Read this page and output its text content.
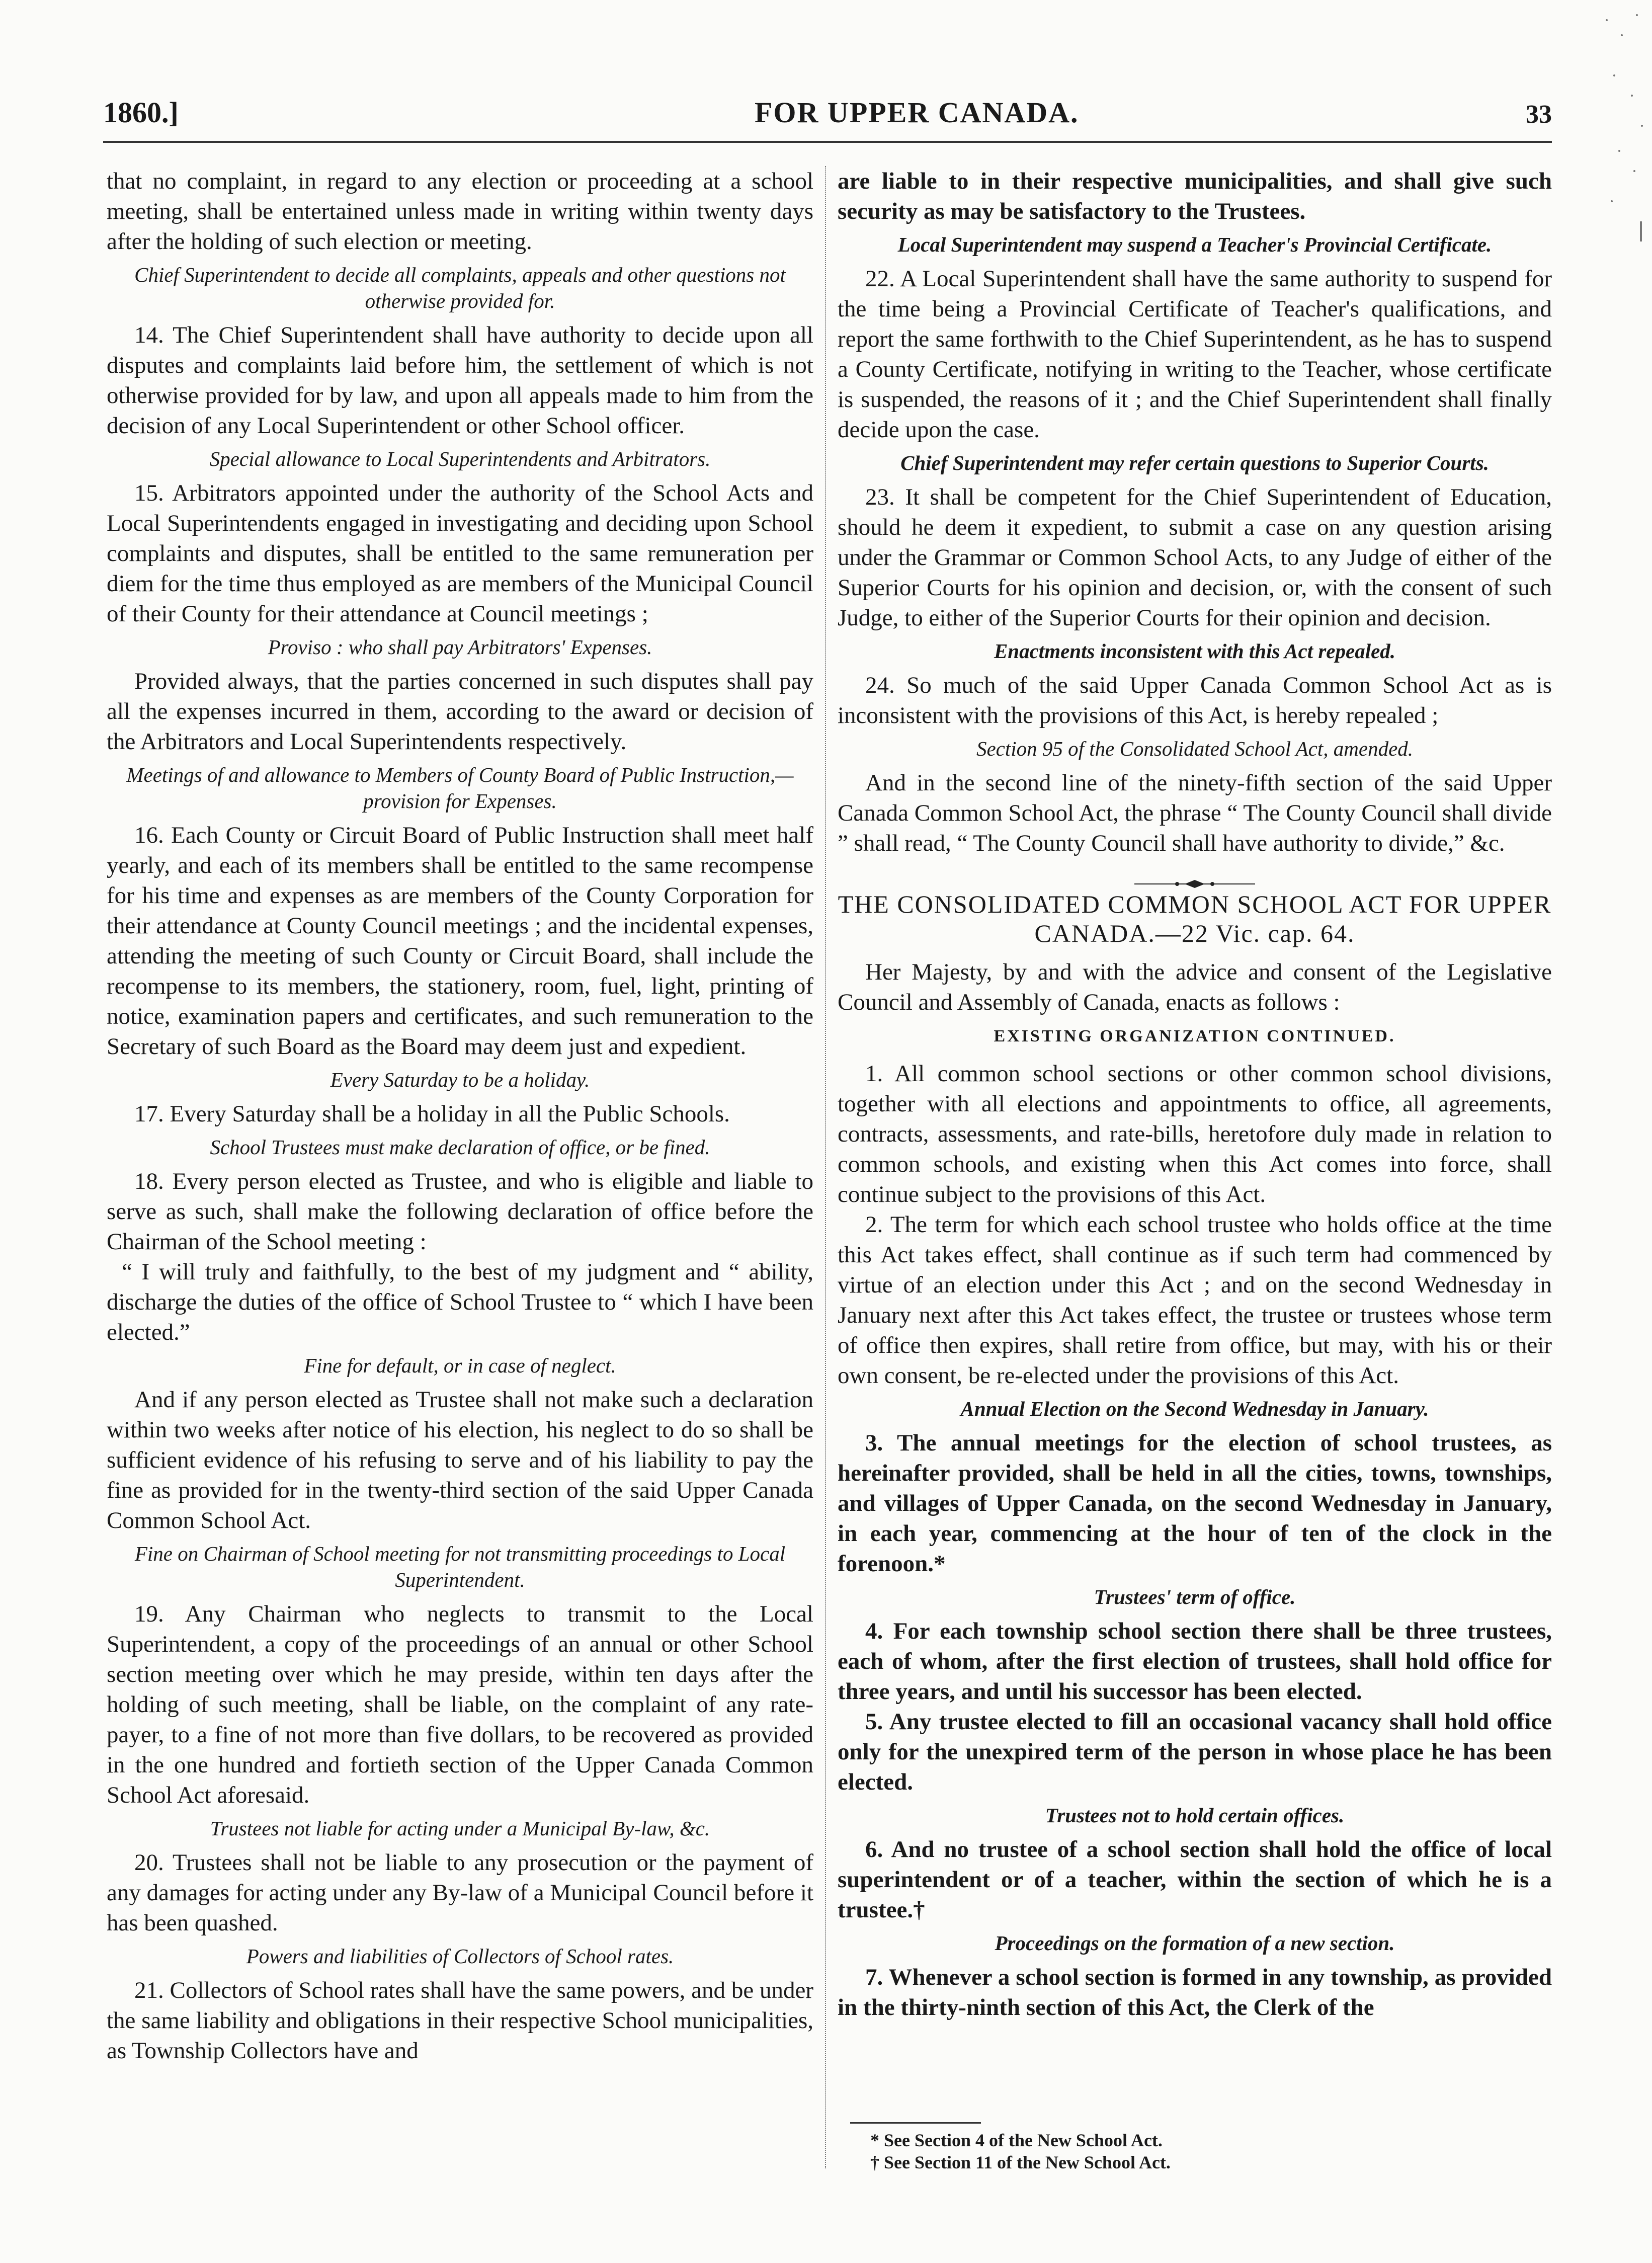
1860.]	FOR UPPER CANADA.	33

that no complaint, in regard to any election or proceeding at a school meeting, shall be entertained unless made in writing within twenty days after the holding of such election or meeting.

Chief Superintendent to decide all complaints, appeals and other questions not otherwise provided for.

14. The Chief Superintendent shall have authority to decide upon all disputes and complaints laid before him, the settlement of which is not otherwise provided for by law, and upon all appeals made to him from the decision of any Local Superintendent or other School officer.

Special allowance to Local Superintendents and Arbitrators.

15. Arbitrators appointed under the authority of the School Acts and Local Superintendents engaged in investigating and deciding upon School complaints and disputes, shall be entitled to the same remuneration per diem for the time thus employed as are members of the Municipal Council of their County for their attendance at Council meetings ;

Proviso : who shall pay Arbitrators' Expenses.

Provided always, that the parties concerned in such disputes shall pay all the expenses incurred in them, according to the award or decision of the Arbitrators and Local Superintendents respectively.

Meetings of and allowance to Members of County Board of Public Instruction,—provision for Expenses.

16. Each County or Circuit Board of Public Instruction shall meet half yearly, and each of its members shall be entitled to the same recompense for his time and expenses as are members of the County Corporation for their attendance at County Council meetings ; and the incidental expenses, attending the meeting of such County or Circuit Board, shall include the recompense to its members, the stationery, room, fuel, light, printing of notice, examination papers and certificates, and such remuneration to the Secretary of such Board as the Board may deem just and expedient.

Every Saturday to be a holiday.

17. Every Saturday shall be a holiday in all the Public Schools.

School Trustees must make declaration of office, or be fined.

18. Every person elected as Trustee, and who is eligible and liable to serve as such, shall make the following declaration of office before the Chairman of the School meeting :

“ I will truly and faithfully, to the best of my judgment and “ ability, discharge the duties of the office of School Trustee to “ which I have been elected.”

Fine for default, or in case of neglect.

And if any person elected as Trustee shall not make such a declaration within two weeks after notice of his election, his neglect to do so shall be sufficient evidence of his refusing to serve and of his liability to pay the fine as provided for in the twenty-third section of the said Upper Canada Common School Act.

Fine on Chairman of School meeting for not transmitting proceedings to Local Superintendent.

19. Any Chairman who neglects to transmit to the Local Superintendent, a copy of the proceedings of an annual or other School section meeting over which he may preside, within ten days after the holding of such meeting, shall be liable, on the complaint of any rate-payer, to a fine of not more than five dollars, to be recovered as provided in the one hundred and fortieth section of the Upper Canada Common School Act aforesaid.

Trustees not liable for acting under a Municipal By-law, &c.

20. Trustees shall not be liable to any prosecution or the payment of any damages for acting under any By-law of a Municipal Council before it has been quashed.

Powers and liabilities of Collectors of School rates.

21. Collectors of School rates shall have the same powers, and be under the same liability and obligations in their respective School municipalities, as Township Collectors have and

are liable to in their respective municipalities, and shall give such security as may be satisfactory to the Trustees.

Local Superintendent may suspend a Teacher's Provincial Certificate.

22. A Local Superintendent shall have the same authority to suspend for the time being a Provincial Certificate of Teacher's qualifications, and report the same forthwith to the Chief Superintendent, as he has to suspend a County Certificate, notifying in writing to the Teacher, whose certificate is suspended, the reasons of it ; and the Chief Superintendent shall finally decide upon the case.

Chief Superintendent may refer certain questions to Superior Courts.

23. It shall be competent for the Chief Superintendent of Education, should he deem it expedient, to submit a case on any question arising under the Grammar or Common School Acts, to any Judge of either of the Superior Courts for his opinion and decision, or, with the consent of such Judge, to either of the Superior Courts for their opinion and decision.

Enactments inconsistent with this Act repealed.

24. So much of the said Upper Canada Common School Act as is inconsistent with the provisions of this Act, is hereby repealed ;

Section 95 of the Consolidated School Act, amended.

And in the second line of the ninety-fifth section of the said Upper Canada Common School Act, the phrase “ The County Council shall divide ” shall read, “ The County Council shall have authority to divide,” &c.

THE CONSOLIDATED COMMON SCHOOL ACT FOR UPPER CANADA.—22 Vic. cap. 64.

Her Majesty, by and with the advice and consent of the Legislative Council and Assembly of Canada, enacts as follows :

EXISTING ORGANIZATION CONTINUED.

1. All common school sections or other common school divisions, together with all elections and appointments to office, all agreements, contracts, assessments, and rate-bills, heretofore duly made in relation to common schools, and existing when this Act comes into force, shall continue subject to the provisions of this Act.

2. The term for which each school trustee who holds office at the time this Act takes effect, shall continue as if such term had commenced by virtue of an election under this Act ; and on the second Wednesday in January next after this Act takes effect, the trustee or trustees whose term of office then expires, shall retire from office, but may, with his or their own consent, be re-elected under the provisions of this Act.

Annual Election on the Second Wednesday in January.

3. The annual meetings for the election of school trustees, as hereinafter provided, shall be held in all the cities, towns, townships, and villages of Upper Canada, on the second Wednesday in January, in each year, commencing at the hour of ten of the clock in the forenoon.*

Trustees' term of office.

4. For each township school section there shall be three trustees, each of whom, after the first election of trustees, shall hold office for three years, and until his successor has been elected.

5. Any trustee elected to fill an occasional vacancy shall hold office only for the unexpired term of the person in whose place he has been elected.

Trustees not to hold certain offices.

6. And no trustee of a school section shall hold the office of local superintendent or of a teacher, within the section of which he is a trustee.†

Proceedings on the formation of a new section.

7. Whenever a school section is formed in any township, as provided in the thirty-ninth section of this Act, the Clerk of the

* See Section 4 of the New School Act.
† See Section 11 of the New School Act.
